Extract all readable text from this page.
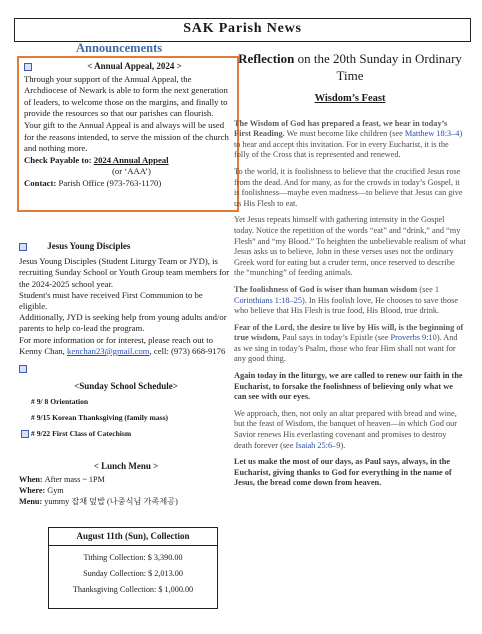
SAK Parish News
Announcements
< Annual Appeal, 2024 >

Through your support of the Annual Appeal, the Archdiocese of Newark is able to form the next generation of leaders, to welcome those on the margins, and finally to provide the resources so that our parishes can flourish. Your gift to the Annual Appeal is and always will be used for the reasons intended, to serve the mission of the church and nothing more.

Check Payable to: 2024 Annual Appeal

(or ‘AAA’)

Contact: Parish Office (973-763-1170)

Jesus Young Disciples
Jesus Young Disciples (Student Liturgy Team or JYD), is recruiting Sunday School or Youth Group team members for the 2024-2025 school year.
Student's must have received First Communion to be eligible.
Additionally, JYD is seeking help from young adults and/or parents to help co-lead the program.
For more information or for interest, please reach out to Kenny Chan, kenchan23@gmail.com, cell: (973) 668-9176
<Sunday School Schedule>
# 9/ 8 Orientation
# 9/15 Korean Thanksgiving (family mass)
# 9/22 First Class of Catechism
< Lunch Menu >
When: After mass ~ 1PM
Where: Gym
Menu: yummy 잡채 덮밥 (나중식님 가족제공)
August 11th (Sun), Collection
Tithing Collection: $ 3,390.00
Sunday Collection: $ 2,013.00
Thanksgiving Collection: $ 1,000.00
Reflection on the 20th Sunday in Ordinary Time
Wisdom’s Feast

The Wisdom of God has prepared a feast, we hear in today’s First Reading. We must become like children (see Matthew 18:3–4) to hear and accept this invitation. For in every Eucharist, it is the folly of the Cross that is represented and renewed.

To the world, it is foolishness to believe that the crucified Jesus rose from the dead. And for many, as for the crowds in today’s Gospel, it is foolishness—maybe even madness—to believe that Jesus can give us His Flesh to eat.

Yet Jesus repeats himself with gathering intensity in the Gospel today. Notice the repetition of the words “eat” and “drink,” and “my Flesh” and “my Blood.” To heighten the unbelievable realism of what Jesus asks us to believe, John in these verses uses not the ordinary Greek word for eating but a cruder term, once reserved to describe the “munching” of feeding animals.

The foolishness of God is wiser than human wisdom (see 1 Corinthians 1:18–25). In His foolish love, He chooses to save those who believe that His Flesh is true food, His Blood, true drink.

Fear of the Lord, the desire to live by His will, is the beginning of true wisdom, Paul says in today’s Epistle (see Proverbs 9:10). And as we sing in today’s Psalm, those who fear Him shall not want for any good thing.

Again today in the liturgy, we are called to renew our faith in the Eucharist, to forsake the foolishness of believing only what we can see with our eyes.

We approach, then, not only an altar prepared with bread and wine, but the feast of Wisdom, the banquet of heaven—in which God our Savior renews His everlasting covenant and promises to destroy death forever (see Isaiah 25:6–9).

Let us make the most of our days, as Paul says, always, in the Eucharist, giving thanks to God for everything in the name of Jesus, the bread come down from heaven.
